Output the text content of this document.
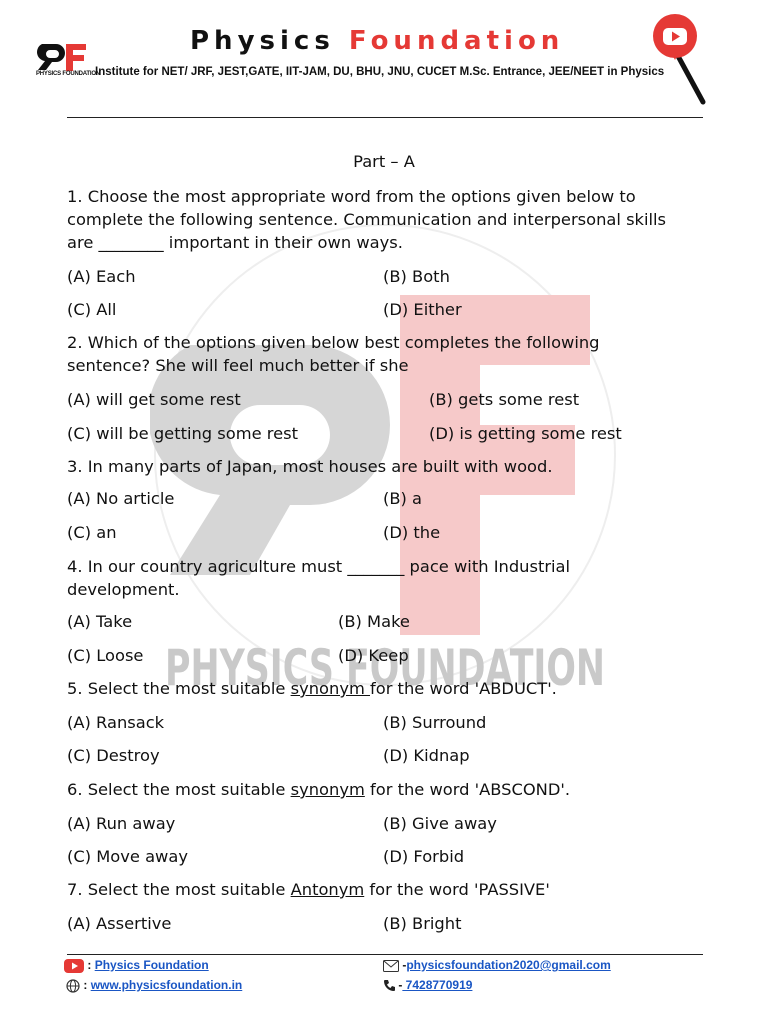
PHYSICS FOUNDATION
Physics Foundation
Institute for NET/ JRF, JEST,GATE, IIT-JAM, DU, BHU, JNU, CUCET M.Sc. Entrance, JEE/NEET in Physics
PHYSICS FOUNDATION
Part – A
1. Choose the most appropriate word from the options given below to
complete the following sentence. Communication and interpersonal skills
are ________ important in their own ways.
(A) Each	(B) Both
(C) All	(D) Either
2. Which of the options given below best completes the following
sentence? She will feel much better if she
(A) will get some rest	(B) gets some rest
(C) will be getting some rest	(D) is getting some rest
3. In many parts of Japan, most houses are built with wood.
(A) No article	(B) a
(C) an	(D) the
4. In our country agriculture must _______ pace with Industrial
development.
(A) Take	(B) Make
(C) Loose	(D) Keep
5. Select the most suitable synonym for the word 'ABDUCT'.
(A) Ransack	(B) Surround
(C) Destroy	(D) Kidnap
6. Select the most suitable synonym for the word 'ABSCOND'.
(A) Run away	(B) Give away
(C) Move away	(D) Forbid
7. Select the most suitable Antonym for the word 'PASSIVE'
(A) Assertive	(B) Bright
: Physics Foundation
: www.physicsfoundation.in
-physicsfoundation2020@gmail.com
- 7428770919
